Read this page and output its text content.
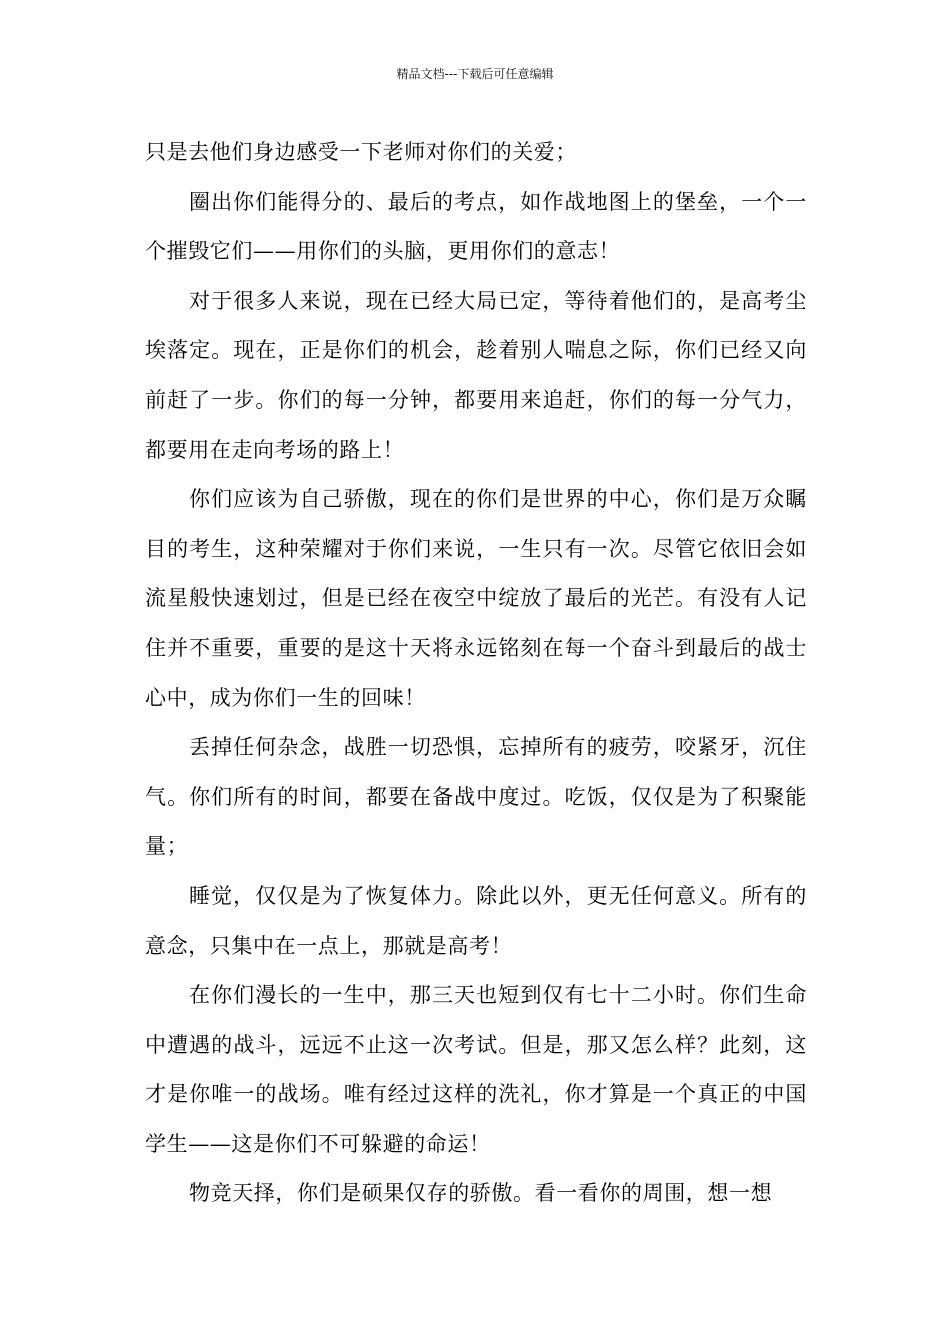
精品文档---下载后可任意编辑

只是去他们身边感受一下老师对你们的关爱；

圈出你们能得分的、最后的考点，如作战地图上的堡垒，一个一个摧毁它们——用你们的头脑，更用你们的意志！

对于很多人来说，现在已经大局已定，等待着他们的，是高考尘埃落定。现在，正是你们的机会，趁着别人喘息之际，你们已经又向前赶了一步。你们的每一分钟，都要用来追赶，你们的每一分气力，都要用在走向考场的路上！

你们应该为自己骄傲，现在的你们是世界的中心，你们是万众瞩目的考生，这种荣耀对于你们来说，一生只有一次。尽管它依旧会如流星般快速划过，但是已经在夜空中绽放了最后的光芒。有没有人记住并不重要，重要的是这十天将永远铭刻在每一个奋斗到最后的战士心中，成为你们一生的回味！

丢掉任何杂念，战胜一切恐惧，忘掉所有的疲劳，咬紧牙，沉住气。你们所有的时间，都要在备战中度过。吃饭，仅仅是为了积聚能量；

睡觉，仅仅是为了恢复体力。除此以外，更无任何意义。所有的意念，只集中在一点上，那就是高考！

在你们漫长的一生中，那三天也短到仅有七十二小时。你们生命中遭遇的战斗，远远不止这一次考试。但是，那又怎么样？此刻，这才是你唯一的战场。唯有经过这样的洗礼，你才算是一个真正的中国学生——这是你们不可躲避的命运！

物竞天择，你们是硕果仅存的骄傲。看一看你的周围，想一想
